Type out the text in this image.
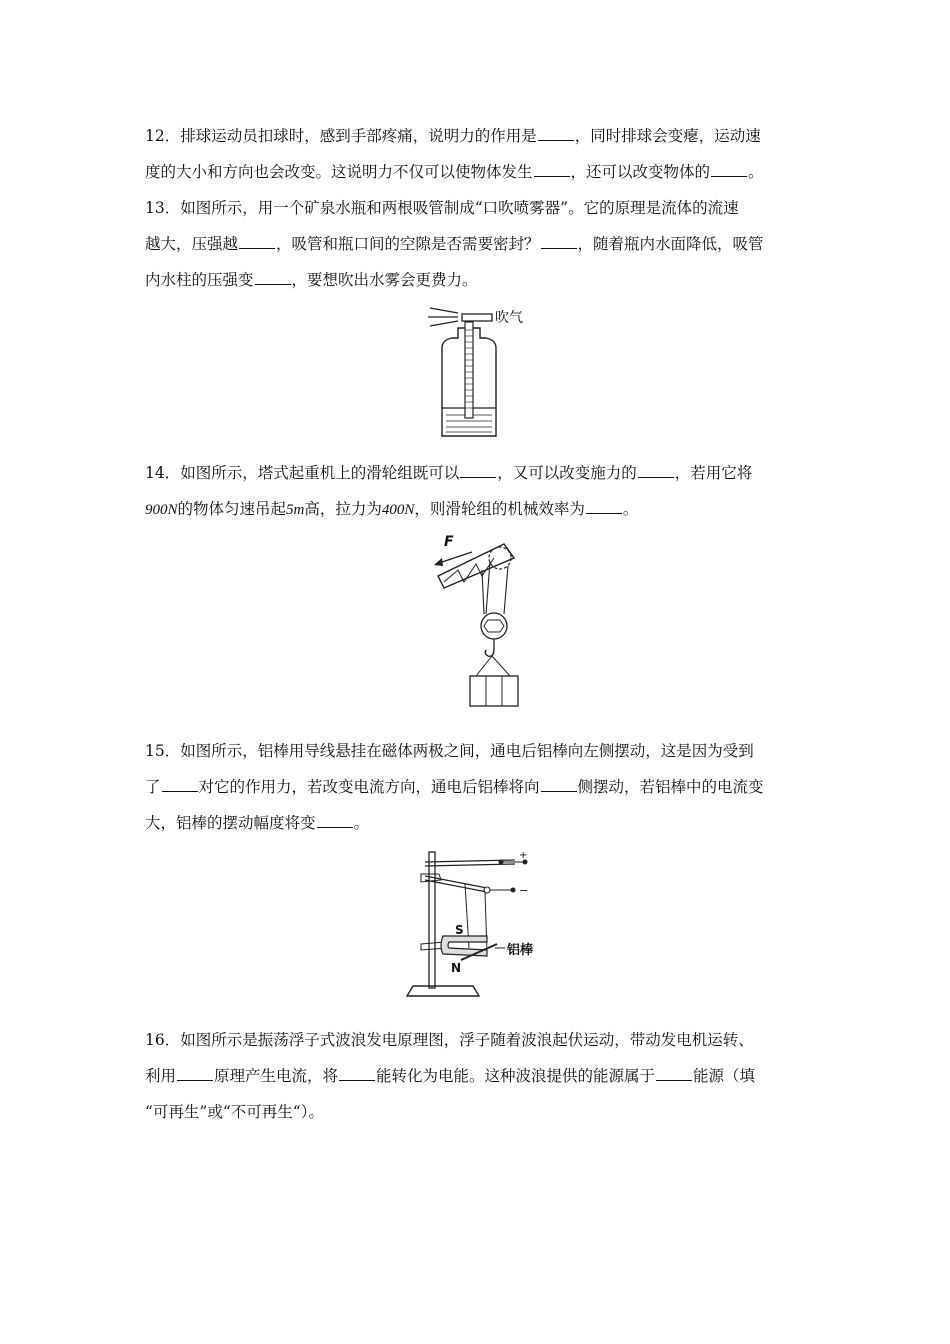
12．排球运动员扣球时，感到手部疼痛，说明力的作用是 ，同时排球会变瘪，运动速
度的大小和方向也会改变。这说明力不仅可以使物体发生 ，还可以改变物体的 。
13．如图所示，用一个矿泉水瓶和两根吸管制成“口吹喷雾器”。它的原理是流体的流速
越大，压强越 ，吸管和瓶口间的空隙是否需要密封？ ，随着瓶内水面降低，吸管
内水柱的压强变 ，要想吹出水雾会更费力。
吹气
14．如图所示，塔式起重机上的滑轮组既可以 ，又可以改变施力的 ，若用它将
900N的物体匀速吊起5m高，拉力为400N，则滑轮组的机械效率为 。
F
15．如图所示，铝棒用导线悬挂在磁体两极之间，通电后铝棒向左侧摆动，这是因为受到
了 对它的作用力，若改变电流方向，通电后铝棒将向 侧摆动，若铝棒中的电流变
大，铝棒的摆动幅度将变 。
+
−
S
N
铝棒
16．如图所示是振荡浮子式波浪发电原理图，浮子随着波浪起伏运动，带动发电机运转、
利用 原理产生电流，将 能转化为电能。这种波浪提供的能源属于 能源（填
“可再生”或“不可再生“）。
